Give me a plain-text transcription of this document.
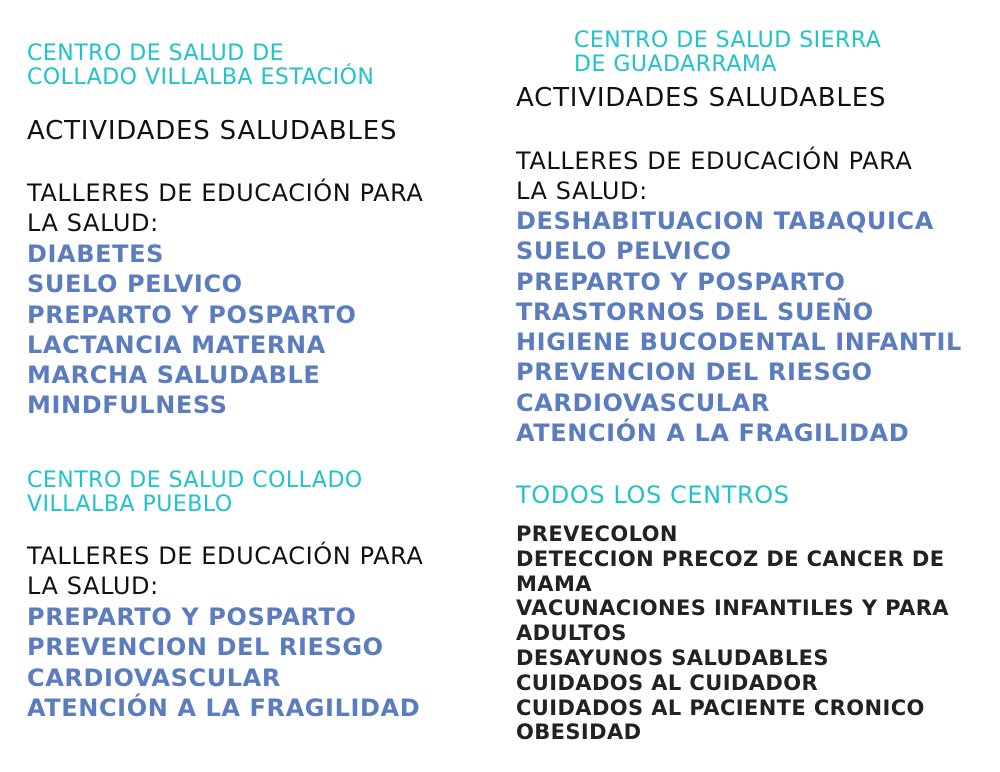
CENTRO DE SALUD DE
COLLADO VILLALBA ESTACIÓN

ACTIVIDADES SALUDABLES

TALLERES DE EDUCACIÓN PARA
LA SALUD:

DIABETES
SUELO PELVICO
PREPARTO Y POSPARTO
LACTANCIA MATERNA
MARCHA SALUDABLE
MINDFULNESS

CENTRO DE SALUD COLLADO
VILLALBA PUEBLO

TALLERES DE EDUCACIÓN PARA
LA SALUD:

PREPARTO Y POSPARTO
PREVENCION DEL RIESGO
CARDIOVASCULAR
ATENCIÓN A LA FRAGILIDAD

CENTRO DE SALUD SIERRA
DE GUADARRAMA

ACTIVIDADES SALUDABLES

TALLERES DE EDUCACIÓN PARA
LA SALUD:

DESHABITUACION TABAQUICA
SUELO PELVICO
PREPARTO Y POSPARTO
TRASTORNOS DEL SUEÑO
HIGIENE BUCODENTAL INFANTIL
PREVENCION DEL RIESGO
CARDIOVASCULAR
ATENCIÓN A LA FRAGILIDAD

TODOS LOS CENTROS

PREVECOLON
DETECCION PRECOZ DE CANCER DE
MAMA
VACUNACIONES INFANTILES Y PARA
ADULTOS
DESAYUNOS SALUDABLES
CUIDADOS AL CUIDADOR
CUIDADOS AL PACIENTE CRONICO
OBESIDAD
